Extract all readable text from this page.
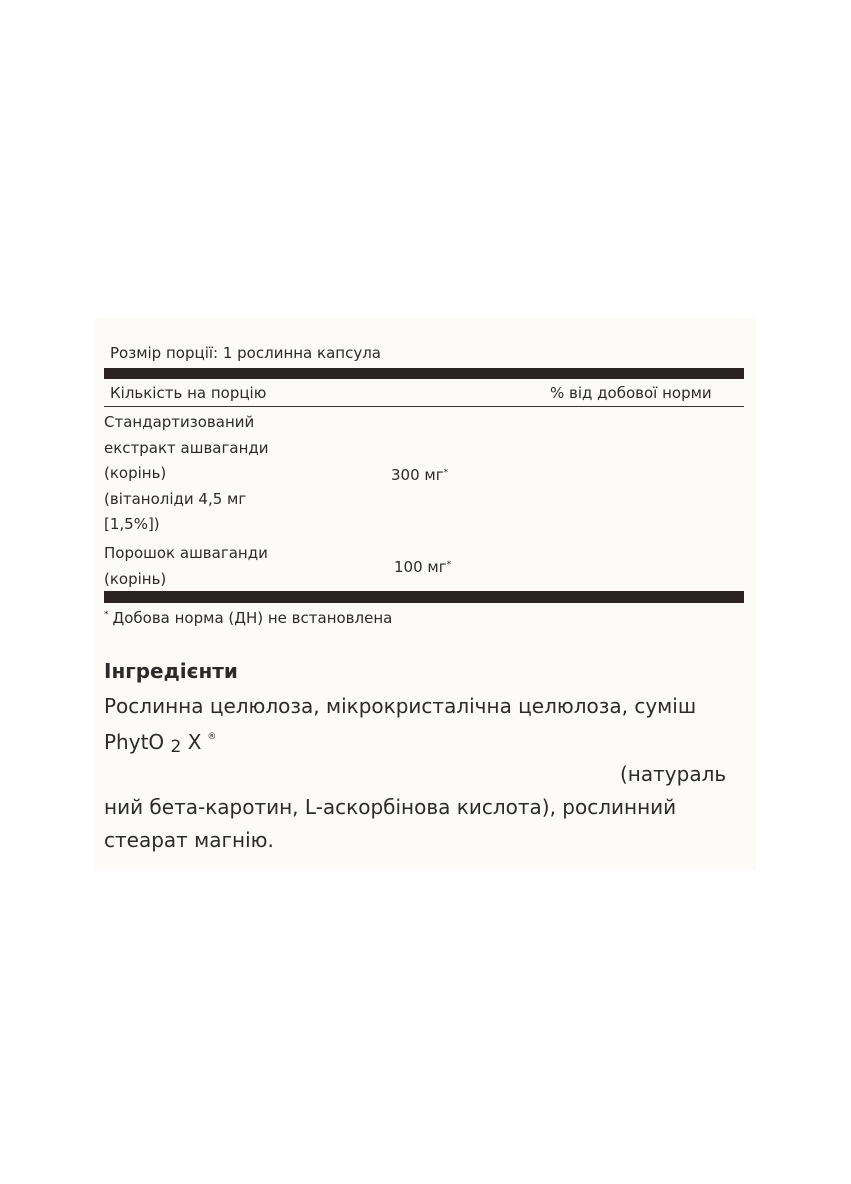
Розмір порції: 1 рослинна капсула
Кількість на порцію	% від добової норми
Стандартизований
екстракт ашваганди
(корінь)
(вітаноліди 4,5 мг
[1,5%])
300 мг*
Порошок ашваганди
(корінь)
100 мг*
* Добова норма (ДН) не встановлена
Інгредієнти
Рослинна целюлоза, мікрокристалічна целюлоза, суміш
PhytO $_2$ X ®
(натураль
ний бета-каротин, L-аскорбінова кислота), рослинний
стеарат магнію.
